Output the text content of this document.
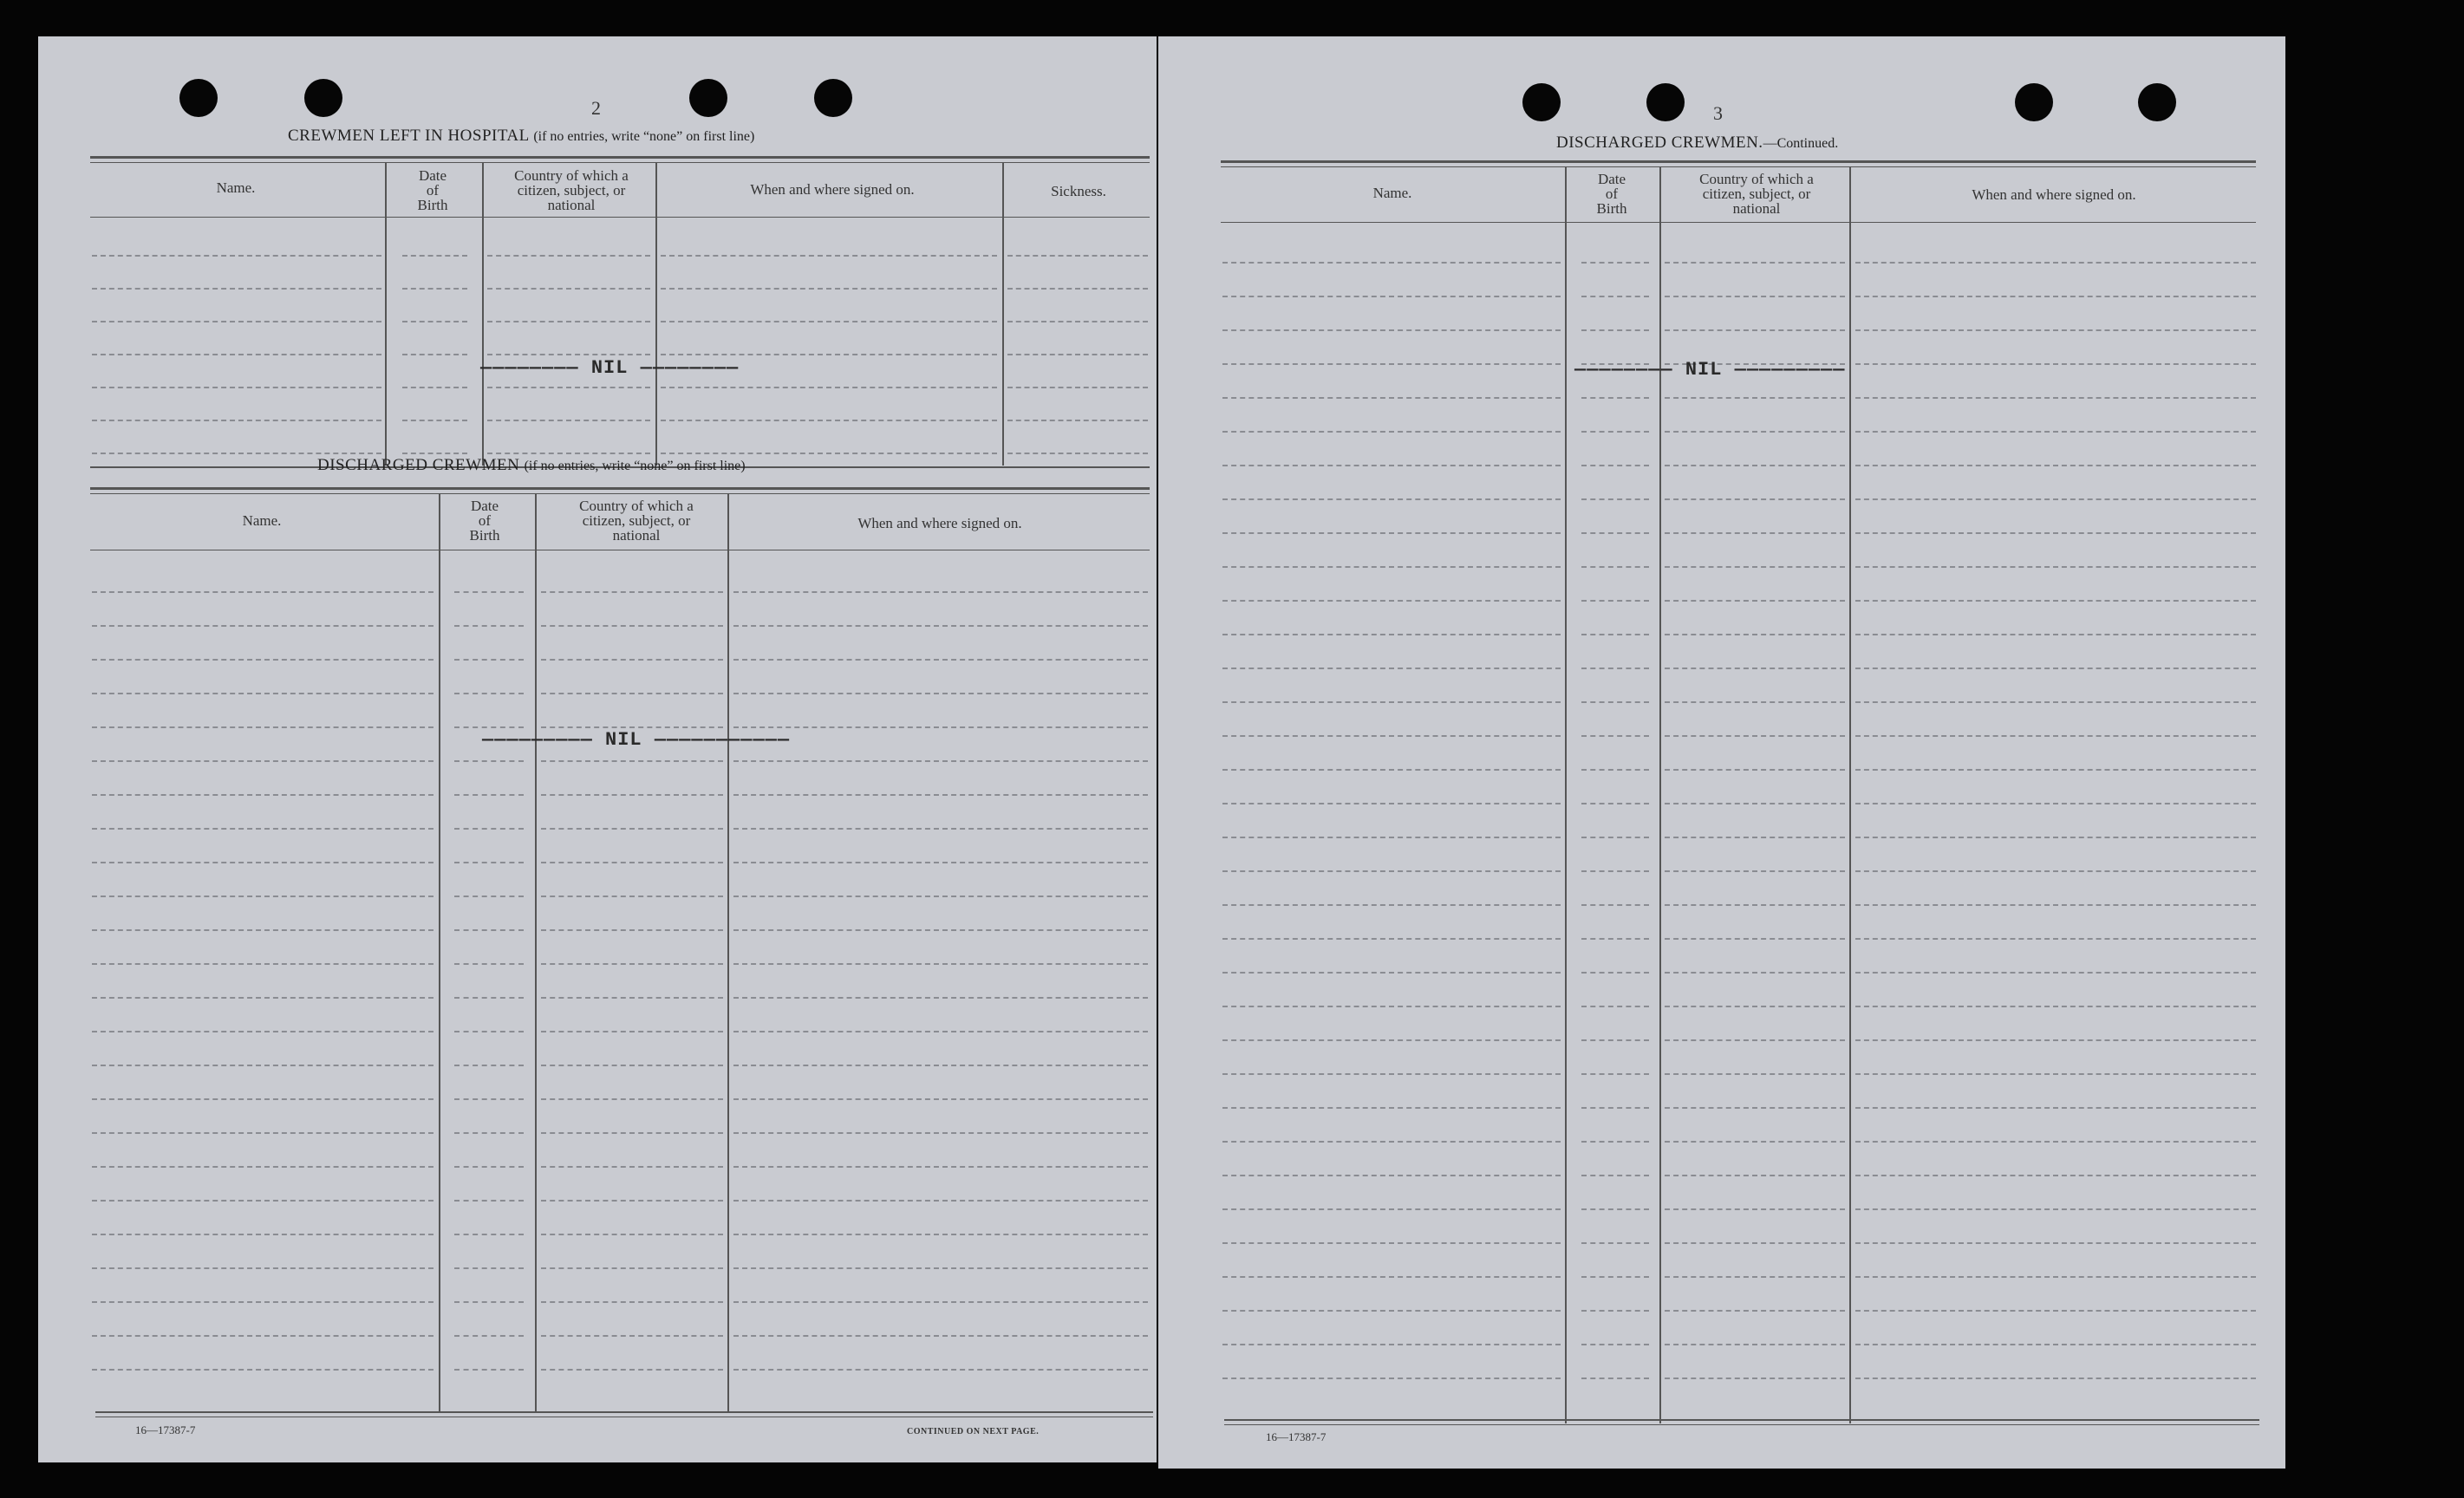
2
CREWMEN LEFT IN HOSPITAL (if no entries, write “none” on first line)
Name.
Date
of
Birth
Country of which a
citizen, subject, or
national
When and where signed on.	Sickness.
———————— NIL ————————
DISCHARGED CREWMEN (if no entries, write “none” on first line)
Name.
Date
of
Birth
Country of which a
citizen, subject, or
national
When and where signed on.
————————— NIL ———————————
16—17387-7	CONTINUED ON NEXT PAGE.
3
DISCHARGED CREWMEN.—Continued.
Name.
Date
of
Birth
Country of which a
citizen, subject, or
national
When and where signed on.
———————— NIL —————————
16—17387-7
